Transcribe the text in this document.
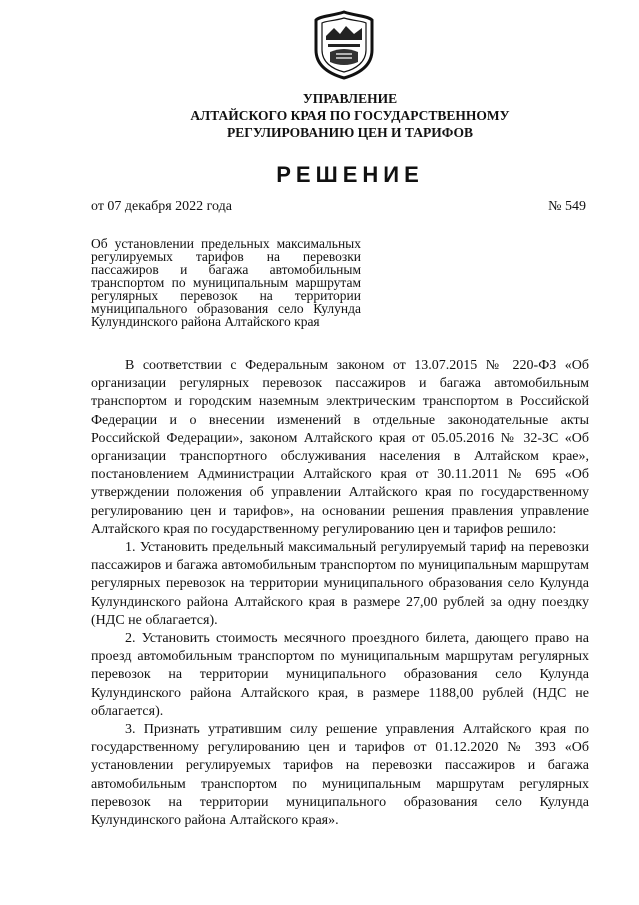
УПРАВЛЕНИЕ
АЛТАЙСКОГО КРАЯ ПО ГОСУДАРСТВЕННОМУ
РЕГУЛИРОВАНИЮ ЦЕН И ТАРИФОВ
РЕШЕНИЕ
от 07 декабря 2022 года	№ 549
Об установлении предельных максимальных регулируемых тарифов на перевозки пассажиров и багажа автомобильным транспортом по муниципальным маршрутам регулярных перевозок на территории муниципального образования село Кулунда Кулундинского района Алтайского края

В соответствии с Федеральным законом от 13.07.2015 № 220-ФЗ «Об организации регулярных перевозок пассажиров и багажа автомобильным транспортом и городским наземным электрическим транспортом в Российской Федерации и о внесении изменений в отдельные законодательные акты Российской Федерации», законом Алтайского края от 05.05.2016 № 32-ЗС «Об организации транспортного обслуживания населения в Алтайском крае», постановлением Администрации Алтайского края от 30.11.2011 № 695 «Об утверждении положения об управлении Алтайского края по государственному регулированию цен и тарифов», на основании решения правления управление Алтайского края по государственному регулированию цен и тарифов решило:

1. Установить предельный максимальный регулируемый тариф на перевозки пассажиров и багажа автомобильным транспортом по муниципальным маршрутам регулярных перевозок на территории муниципального образования село Кулунда Кулундинского района Алтайского края в размере 27,00 рублей за одну поездку (НДС не облагается).

2. Установить стоимость месячного проездного билета, дающего право на проезд автомобильным транспортом по муниципальным маршрутам регулярных перевозок на территории муниципального образования село Кулунда Кулундинского района Алтайского края, в размере 1188,00 рублей (НДС не облагается).

3. Признать утратившим силу решение управления Алтайского края по государственному регулированию цен и тарифов от 01.12.2020 № 393 «Об установлении регулируемых тарифов на перевозки пассажиров и багажа автомобильным транспортом по муниципальным маршрутам регулярных перевозок на территории муниципального образования село Кулунда Кулундинского района Алтайского края».
